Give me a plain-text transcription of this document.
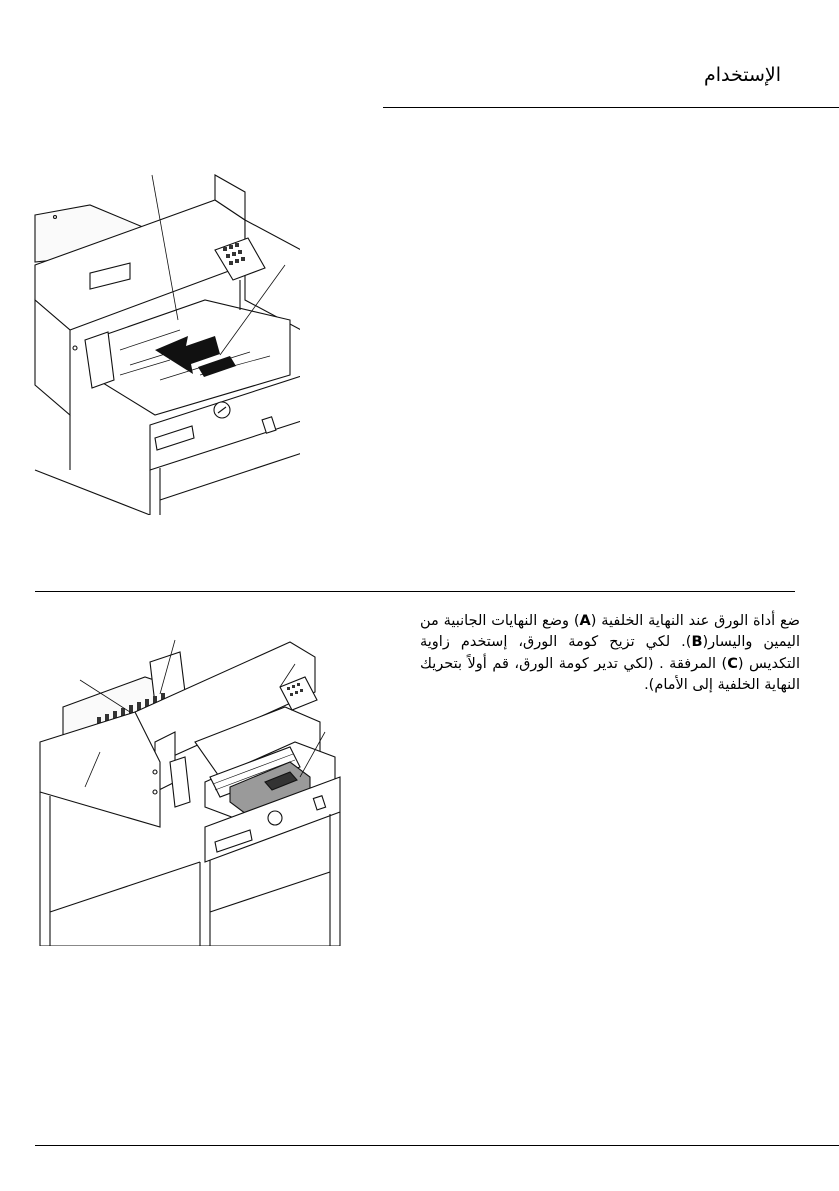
الإستخدام

ضع أداة الورق عند النهاية الخلفية (A) وضع النهايات الجانبية من اليمين واليسار(B). لكي تزيح كومة الورق، إستخدم زاوية التكديس (C) المرفقة . (لكي تدير كومة الورق، قم أولاً بتحريك النهاية الخلفية إلى الأمام).
